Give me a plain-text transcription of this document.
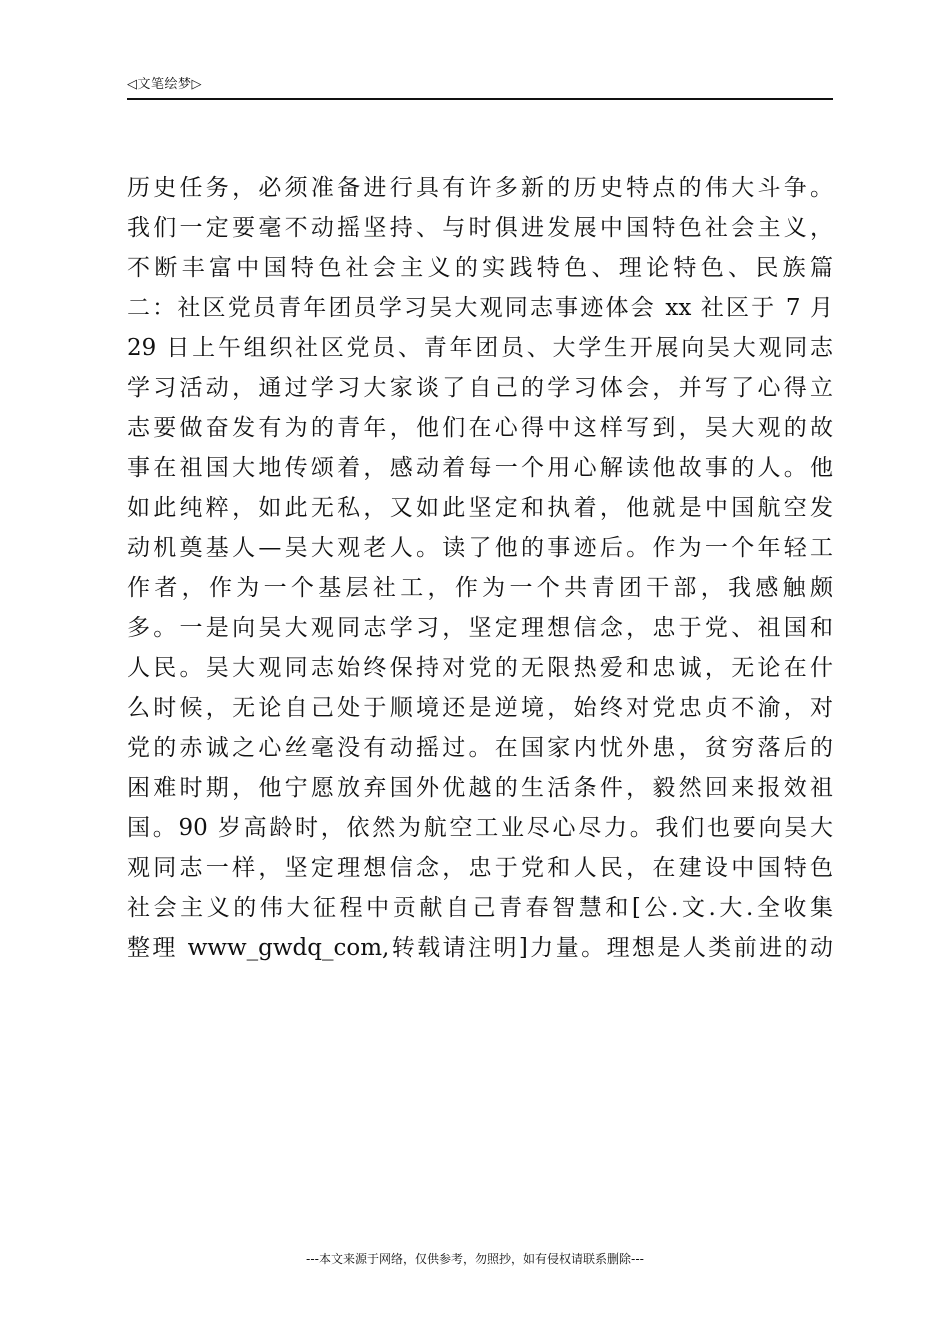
◁文笔绘梦▷
历史任务，必须准备进行具有许多新的历史特点的伟大斗争。
我们一定要毫不动摇坚持、与时俱进发展中国特色社会主义，
不断丰富中国特色社会主义的实践特色、理论特色、民族篇
二：社区党员青年团员学习吴大观同志事迹体会 xx 社区于 7 月
29 日上午组织社区党员、青年团员、大学生开展向吴大观同志
学习活动，通过学习大家谈了自己的学习体会，并写了心得立
志要做奋发有为的青年，他们在心得中这样写到，吴大观的故
事在祖国大地传颂着，感动着每一个用心解读他故事的人。他
如此纯粹，如此无私，又如此坚定和执着，他就是中国航空发
动机奠基人—吴大观老人。读了他的事迹后。作为一个年轻工
作者，作为一个基层社工，作为一个共青团干部，我感触颇
多。一是向吴大观同志学习，坚定理想信念，忠于党、祖国和
人民。吴大观同志始终保持对党的无限热爱和忠诚，无论在什
么时候，无论自己处于顺境还是逆境，始终对党忠贞不渝，对
党的赤诚之心丝毫没有动摇过。在国家内忧外患，贫穷落后的
困难时期，他宁愿放弃国外优越的生活条件，毅然回来报效祖
国。90 岁高龄时，依然为航空工业尽心尽力。我们也要向吴大
观同志一样，坚定理想信念，忠于党和人民，在建设中国特色
社会主义的伟大征程中贡献自己青春智慧和[公.文.大.全收集
整理 www_gwdq_com,转载请注明]力量。理想是人类前进的动
---本文来源于网络，仅供参考，勿照抄，如有侵权请联系删除---
